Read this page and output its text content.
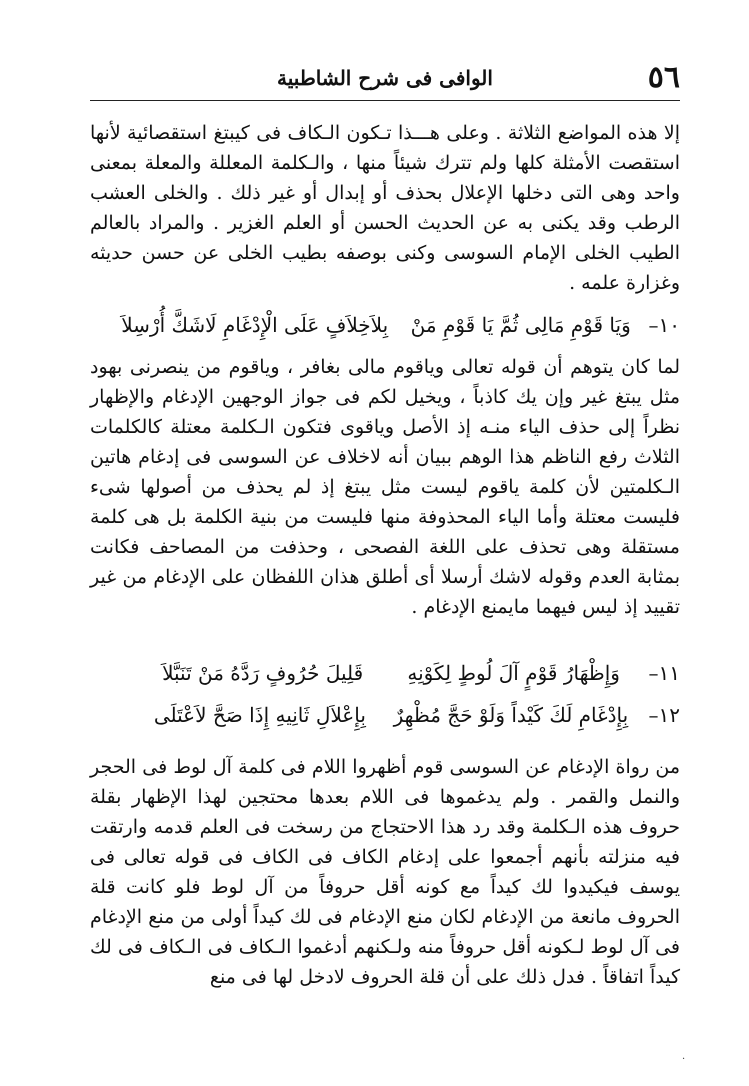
٥٦
الوافى فى شرح الشاطبية

إلا هذه المواضع الثلاثة . وعلى هـــذا تـكون الـكاف فى كيبتغ استقصائية لأنها استقصت الأمثلة كلها ولم تترك شيئاً منها ، والـكلمة المعللة والمعلة بمعنى واحد وهى التى دخلها الإعلال بحذف أو إبدال أو غير ذلك . والخلى العشب الرطب وقد يكنى به عن الحديث الحسن أو العلم الغزير . والمراد بالعالم الطيب الخلى الإمام السوسى وكنى بوصفه بطيب الخلى عن حسن حديثه وغزارة علمه .

١٠–
وَيَا قَوْمِ مَالِى ثُمَّ يَا قَوْمِ مَنْ
بِلاَخِلاَفٍ عَلَى الْإِدْغَامِ لَاشَكَّ أُرْسِلاَ

لما كان يتوهم أن قوله تعالى وياقوم مالى بغافر ، وياقوم من ينصرنى بهود مثل يبتغ غير وإن يك كاذباً ، ويخيل لكم فى جواز الوجهين الإدغام والإظهار نظراً إلى حذف الياء منـه إذ الأصل وياقوى فتكون الـكلمة معتلة كالكلمات الثلاث رفع الناظم هذا الوهم ببيان أنه لاخلاف عن السوسى فى إدغام هاتين الـكلمتين لأن كلمة ياقوم ليست مثل يبتغ إذ لم يحذف من أصولها شىء فليست معتلة وأما الياء المحذوفة منها فليست من بنية الكلمة بل هى كلمة مستقلة وهى تحذف على اللغة الفصحى ، وحذفت من المصاحف فكانت بمثابة العدم وقوله لاشك أرسلا أى أطلق هذان اللفظان على الإدغام من غير تقييد إذ ليس فيهما مايمنع الإدغام .

١١–
وَإِظْهَارُ قَوْمٍ آلَ لُوطٍ لِكَوْنِهِ
قَلِيلَ حُرُوفٍ رَدَّهُ مَنْ تَنَبَّلاَ
١٢–
بِإِدْغَامِ لَكَ كَيْداً وَلَوْ حَجَّ مُظْهِرٌ
بِإِعْلاَلِ ثَانِيهِ إِذَا صَحَّ لاَعْتَلَى

من رواة الإدغام عن السوسى قوم أظهروا اللام فى كلمة آل لوط فى الحجر والنمل والقمر . ولم يدغموها فى اللام بعدها محتجين لهذا الإظهار بقلة حروف هذه الـكلمة وقد رد هذا الاحتجاج من رسخت فى العلم قدمه وارتقت فيه منزلته بأنهم أجمعوا على إدغام الكاف فى الكاف فى قوله تعالى فى يوسف فيكيدوا لك كيداً مع كونه أقل حروفاً من آل لوط فلو كانت قلة الحروف مانعة من الإدغام لكان منع الإدغام فى لك كيداً أولى من منع الإدغام فى آل لوط لـكونه أقل حروفاً منه ولـكنهم أدغموا الـكاف فى الـكاف فى لك كيداً اتفاقاً . فدل ذلك على أن قلة الحروف لادخل لها فى منع

·
